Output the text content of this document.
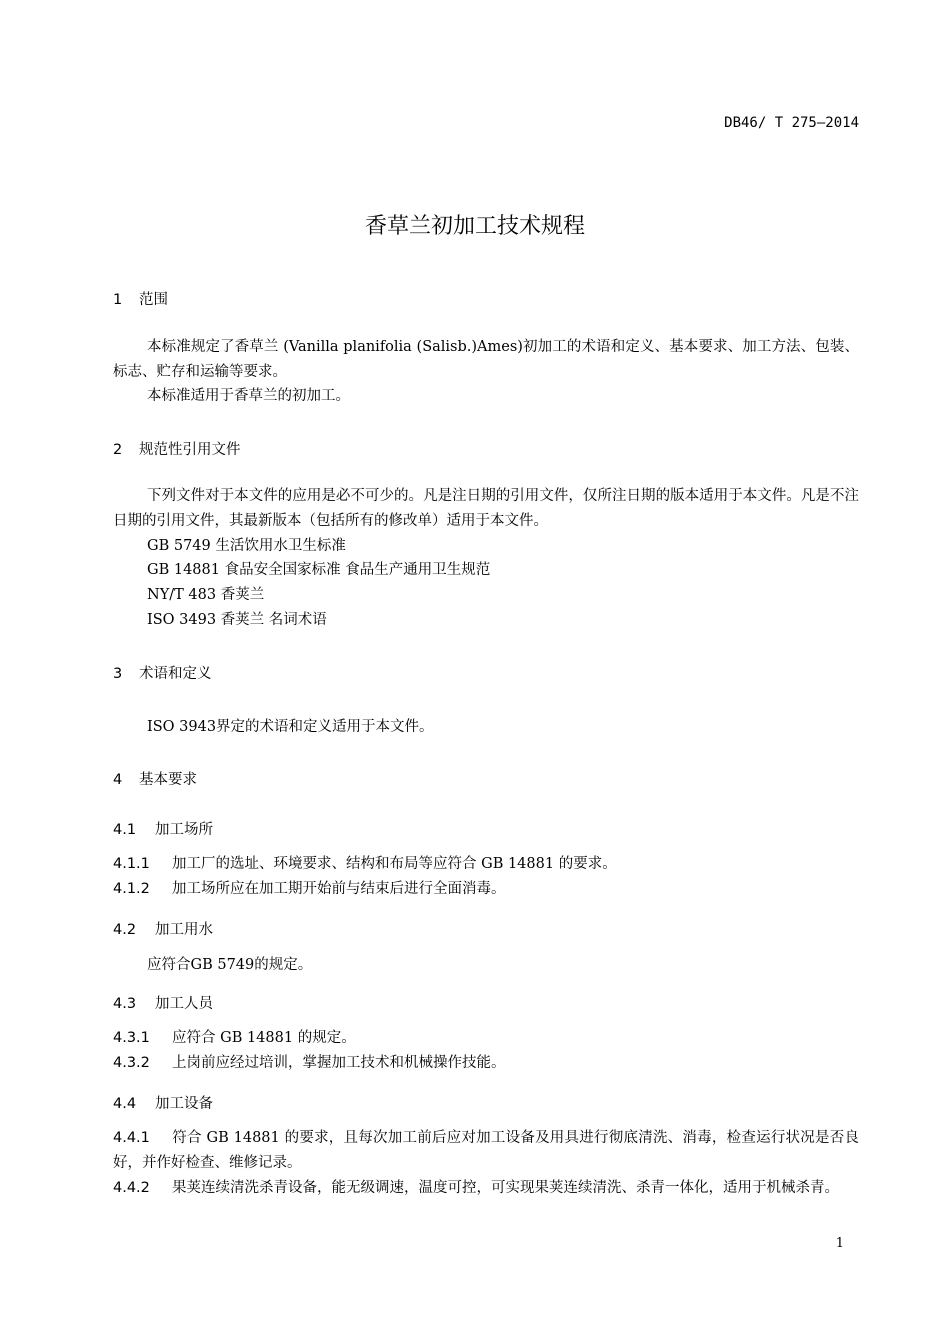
DB46/ T 275—2014
香草兰初加工技术规程
1 范围
本标准规定了香草兰 (Vanilla planifolia (Salisb.)Ames)初加工的术语和定义、基本要求、加工方法、包装、标志、贮存和运输等要求。
本标准适用于香草兰的初加工。
2 规范性引用文件
下列文件对于本文件的应用是必不可少的。凡是注日期的引用文件，仅所注日期的版本适用于本文件。凡是不注日期的引用文件，其最新版本（包括所有的修改单）适用于本文件。
GB 5749 生活饮用水卫生标准
GB 14881 食品安全国家标准 食品生产通用卫生规范
NY/T 483 香荚兰
ISO 3493 香荚兰 名词术语
3 术语和定义
ISO 3943界定的术语和定义适用于本文件。
4 基本要求
4.1 加工场所
4.1.1 加工厂的选址、环境要求、结构和布局等应符合 GB 14881 的要求。
4.1.2 加工场所应在加工期开始前与结束后进行全面消毒。
4.2 加工用水
应符合GB 5749的规定。
4.3 加工人员
4.3.1 应符合 GB 14881 的规定。
4.3.2 上岗前应经过培训，掌握加工技术和机械操作技能。
4.4 加工设备
4.4.1 符合 GB 14881 的要求，且每次加工前后应对加工设备及用具进行彻底清洗、消毒，检查运行状况是否良好，并作好检查、维修记录。
4.4.2 果荚连续清洗杀青设备，能无级调速，温度可控，可实现果荚连续清洗、杀青一体化，适用于机械杀青。
1
